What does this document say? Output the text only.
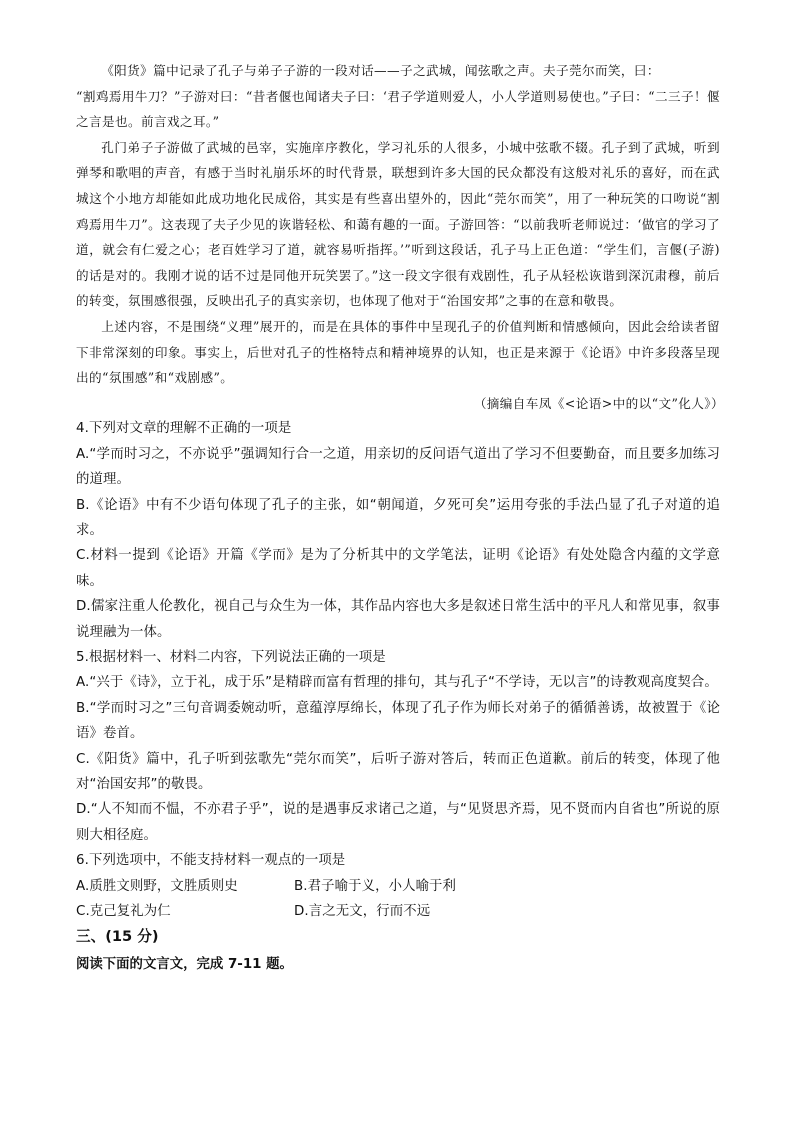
《阳货》篇中记录了孔子与弟子子游的一段对话——子之武城，闻弦歌之声。夫子莞尔而笑，曰：

“割鸡焉用牛刀？”子游对曰：“昔者偃也闻诸夫子曰：‘君子学道则爱人，小人学道则易使也。”子曰：“二三子！偃之言是也。前言戏之耳。”

孔门弟子子游做了武城的邑宰，实施庠序教化，学习礼乐的人很多，小城中弦歌不辍。孔子到了武城，听到弹琴和歌唱的声音，有感于当时礼崩乐坏的时代背景，联想到许多大国的民众都没有这般对礼乐的喜好，而在武城这个小地方却能如此成功地化民成俗，其实是有些喜出望外的，因此“莞尔而笑”，用了一种玩笑的口吻说“割鸡焉用牛刀”。这表现了夫子少见的诙谐轻松、和蔼有趣的一面。子游回答：“以前我听老师说过：‘做官的学习了道，就会有仁爱之心；老百姓学习了道，就容易听指挥。’”听到这段话，孔子马上正色道：“学生们，言偃(子游)的话是对的。我刚才说的话不过是同他开玩笑罢了。”这一段文字很有戏剧性，孔子从轻松诙谐到深沉肃穆，前后的转变，氛围感很强，反映出孔子的真实亲切，也体现了他对于“治国安邦”之事的在意和敬畏。

上述内容，不是围绕“义理”展开的，而是在具体的事件中呈现孔子的价值判断和情感倾向，因此会给读者留下非常深刻的印象。事实上，后世对孔子的性格特点和精神境界的认知，也正是来源于《论语》中许多段落呈现出的“氛围感”和“戏剧感”。

（摘编自车凤《<论语>中的以“文”化人》）

4.下列对文章的理解不正确的一项是

A.“学而时习之，不亦说乎”强调知行合一之道，用亲切的反问语气道出了学习不但要勤奋，而且要多加练习的道理。

B.《论语》中有不少语句体现了孔子的主张，如“朝闻道，夕死可矣”运用夸张的手法凸显了孔子对道的追求。

C.材料一提到《论语》开篇《学而》是为了分析其中的文学笔法，证明《论语》有处处隐含内蕴的文学意味。

D.儒家注重人伦教化，视自己与众生为一体，其作品内容也大多是叙述日常生活中的平凡人和常见事，叙事说理融为一体。

5.根据材料一、材料二内容，下列说法正确的一项是

A.“兴于《诗》，立于礼，成于乐”是精辟而富有哲理的排句，其与孔子“不学诗，无以言”的诗教观高度契合。

B.“学而时习之”三句音调委婉动听，意蕴淳厚绵长，体现了孔子作为师长对弟子的循循善诱，故被置于《论语》卷首。

C.《阳货》篇中，孔子听到弦歌先“莞尔而笑”，后听子游对答后，转而正色道歉。前后的转变，体现了他对“治国安邦”的敬畏。

D.“人不知而不愠，不亦君子乎”，说的是遇事反求诸己之道，与“见贤思齐焉，见不贤而内自省也”所说的原则大相径庭。

6.下列选项中，不能支持材料一观点的一项是

A.质胜文则野，文胜质则史	B.君子喻于义，小人喻于利
C.克己复礼为仁	D.言之无文，行而不远
三、(15 分)
阅读下面的文言文，完成 7-11 题。
